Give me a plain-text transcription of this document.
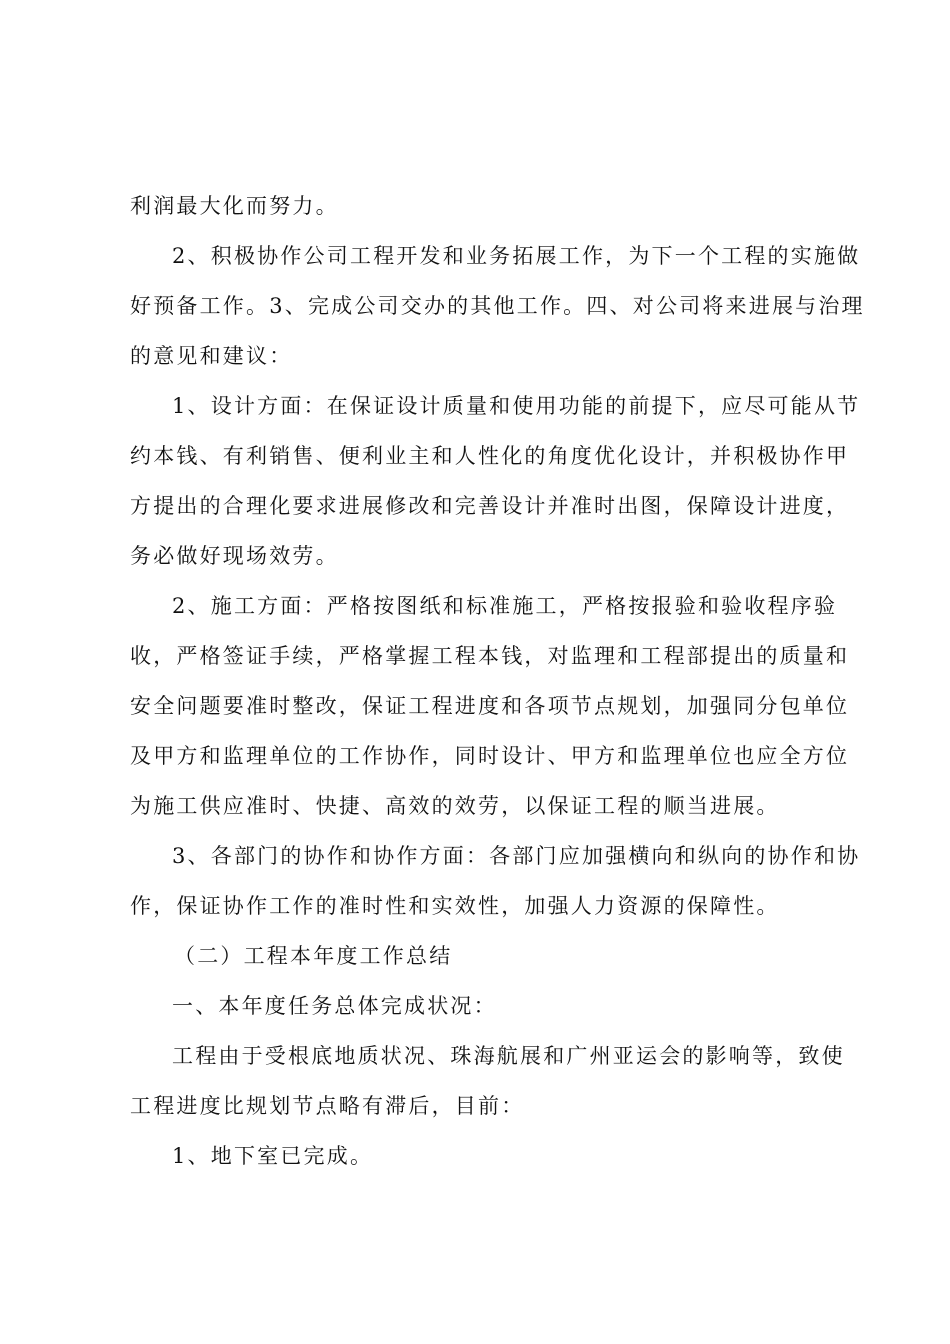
利润最大化而努力。
2、积极协作公司工程开发和业务拓展工作，为下一个工程的实施做
好预备工作。3、完成公司交办的其他工作。四、对公司将来进展与治理
的意见和建议：
1、设计方面：在保证设计质量和使用功能的前提下，应尽可能从节
约本钱、有利销售、便利业主和人性化的角度优化设计，并积极协作甲
方提出的合理化要求进展修改和完善设计并准时出图，保障设计进度，
务必做好现场效劳。
2、施工方面：严格按图纸和标准施工，严格按报验和验收程序验
收，严格签证手续，严格掌握工程本钱，对监理和工程部提出的质量和
安全问题要准时整改，保证工程进度和各项节点规划，加强同分包单位
及甲方和监理单位的工作协作，同时设计、甲方和监理单位也应全方位
为施工供应准时、快捷、高效的效劳，以保证工程的顺当进展。
3、各部门的协作和协作方面：各部门应加强横向和纵向的协作和协
作，保证协作工作的准时性和实效性，加强人力资源的保障性。
（二）工程本年度工作总结
一、本年度任务总体完成状况：
工程由于受根底地质状况、珠海航展和广州亚运会的影响等，致使
工程进度比规划节点略有滞后，目前：
1、地下室已完成。
